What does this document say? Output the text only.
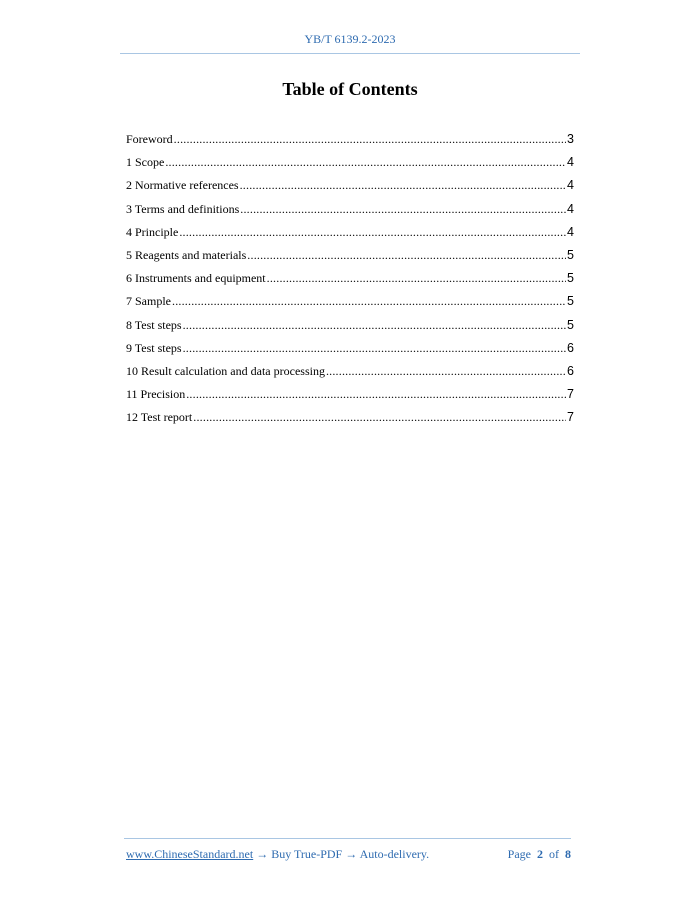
YB/T 6139.2-2023
Table of Contents
Foreword .....	3
1 Scope .....	4
2 Normative references .....	4
3 Terms and definitions .....	4
4 Principle .....	4
5 Reagents and materials .....	5
6 Instruments and equipment .....	5
7 Sample .....	5
8 Test steps .....	5
9 Test steps .....	6
10 Result calculation and data processing .....	6
11 Precision .....	7
12 Test report .....	7
www.ChineseStandard.net → Buy True-PDF → Auto-delivery.	Page 2 of 8
